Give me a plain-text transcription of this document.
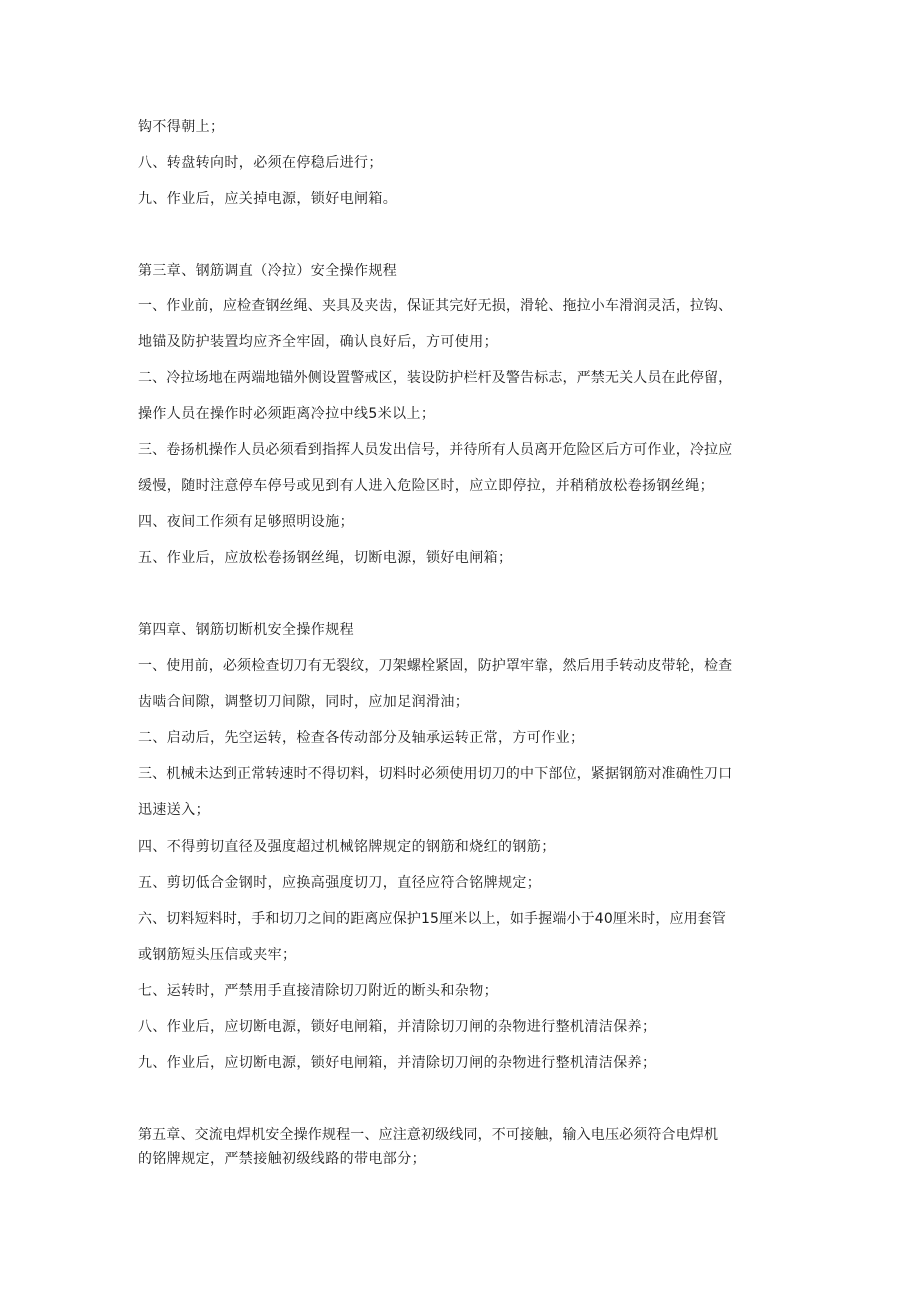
钩不得朝上；
八、转盘转向时，必须在停稳后进行；
九、作业后，应关掉电源，锁好电闸箱。
第三章、钢筋调直（冷拉）安全操作规程
一、作业前，应检查钢丝绳、夹具及夹齿，保证其完好无损，滑轮、拖拉小车滑润灵活，拉钩、
地锚及防护装置均应齐全牢固，确认良好后，方可使用；
二、冷拉场地在两端地锚外侧设置警戒区，装设防护栏杆及警告标志，严禁无关人员在此停留，
操作人员在操作时必须距离冷拉中线5米以上；
三、卷扬机操作人员必须看到指挥人员发出信号，并待所有人员离开危险区后方可作业，冷拉应
缓慢，随时注意停车停号或见到有人进入危险区时，应立即停拉，并稍稍放松卷扬钢丝绳；
四、夜间工作须有足够照明设施；
五、作业后，应放松卷扬钢丝绳，切断电源，锁好电闸箱；
第四章、钢筋切断机安全操作规程
一、使用前，必须检查切刀有无裂纹，刀架螺栓紧固，防护罩牢靠，然后用手转动皮带轮，检查
齿啮合间隙，调整切刀间隙，同时，应加足润滑油；
二、启动后，先空运转，检查各传动部分及轴承运转正常，方可作业；
三、机械未达到正常转速时不得切料，切料时必须使用切刀的中下部位，紧据钢筋对准确性刀口
迅速送入；
四、不得剪切直径及强度超过机械铭牌规定的钢筋和烧红的钢筋；
五、剪切低合金钢时，应换高强度切刀，直径应符合铭牌规定；
六、切料短料时，手和切刀之间的距离应保护15厘米以上，如手握端小于40厘米时，应用套管
或钢筋短头压信或夹牢；
七、运转时，严禁用手直接清除切刀附近的断头和杂物；
八、作业后，应切断电源，锁好电闸箱，并清除切刀闸的杂物进行整机清洁保养；
九、作业后，应切断电源，锁好电闸箱，并清除切刀闸的杂物进行整机清洁保养；
第五章、交流电焊机安全操作规程一、应注意初级线同，不可接触，输入电压必须符合电焊机
的铭牌规定，严禁接触初级线路的带电部分；
